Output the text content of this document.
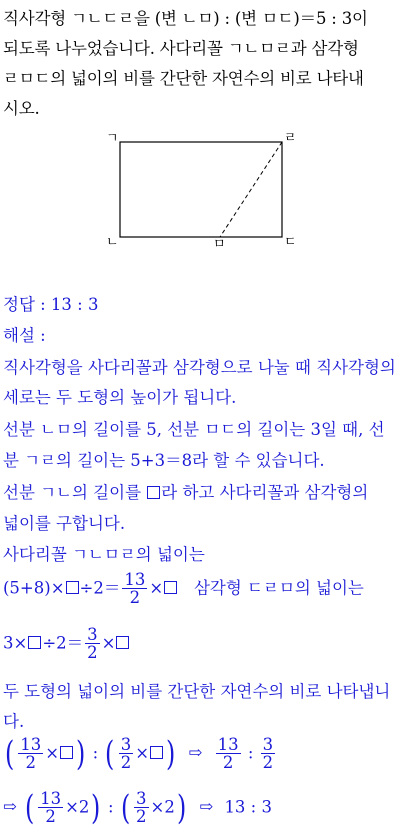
직사각형 ㄱㄴㄷㄹ을 (변 ㄴㅁ) : (변 ㅁㄷ)＝5 : 3이

되도록 나누었습니다. 사다리꼴 ㄱㄴㅁㄹ과 삼각형

ㄹㅁㄷ의 넓이의 비를 간단한 자연수의 비로 나타내

시오.

ㄱ	ㄹ
ㄴ	ㅁ	ㄷ
정답 : 13 : 3
해설 :
직사각형을 사다리꼴과 삼각형으로 나눌 때 직사각형의
세로는 두 도형의 높이가 됩니다.
선분 ㄴㅁ의 길이를 5, 선분 ㅁㄷ의 길이는 3일 때, 선
분 ㄱㄹ의 길이는 5+3＝8라 할 수 있습니다.
선분 ㄱㄴ의 길이를 라 하고 사다리꼴과 삼각형의
넓이를 구합니다.
사다리꼴 ㄱㄴㅁㄹ의 넓이는
$(5+8)\times \div 2= \frac{13}{2}$ × 삼각형 ㄷㄹㅁ의 넓이는
$3\times \div 2= \frac{3}{2}$ ×
두 도형의 넓이의 비를 간단한 자연수의 비로 나타냅니
다.
( $\frac{13}{2}$ × ) : ( $\frac{3}{2}$ × ) ⇨ $\frac{13}{2}$ : $\frac{3}{2}$
⇨ ( $\frac{13}{2} \times 2$) : ( $\frac{3}{2} \times 2$) ⇨ 13 : 3
